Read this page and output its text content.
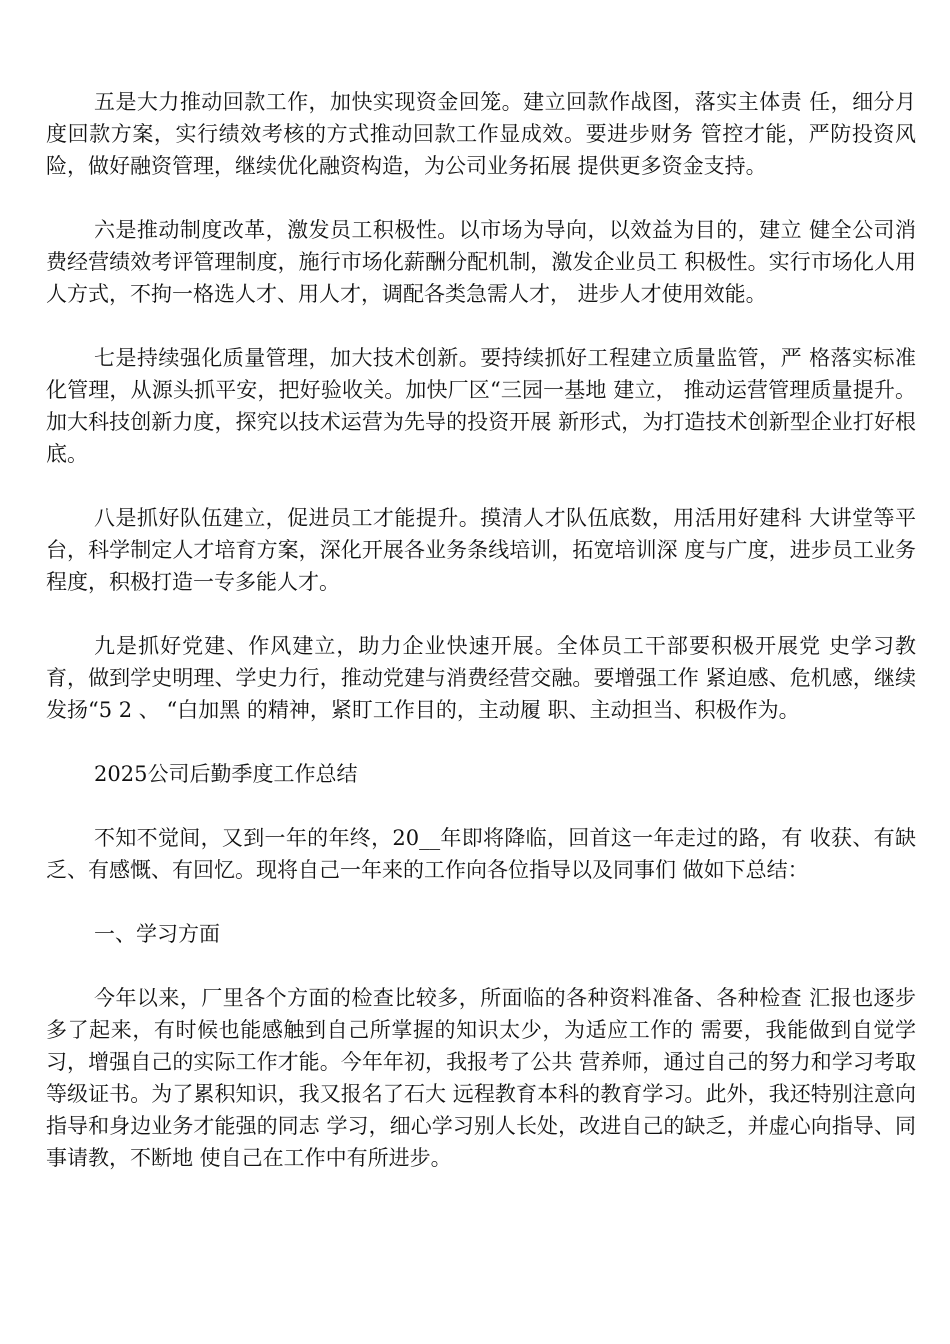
五是大力推动回款工作，加快实现资金回笼。建立回款作战图，落实主体责 任，细分月度回款方案，实行绩效考核的方式推动回款工作显成效。要进步财务 管控才能，严防投资风险，做好融资管理，继续优化融资构造，为公司业务拓展 提供更多资金支持。

六是推动制度改革，激发员工积极性。以市场为导向，以效益为目的，建立 健全公司消费经营绩效考评管理制度，施行市场化薪酬分配机制，激发企业员工 积极性。实行市场化人用人方式，不拘一格选人才、用人才，调配各类急需人才， 进步人才使用效能。

七是持续强化质量管理，加大技术创新。要持续抓好工程建立质量监管，严 格落实标准化管理，从源头抓平安，把好验收关。加快厂区“三园一基地 建立， 推动运营管理质量提升。加大科技创新力度，探究以技术运营为先导的投资开展 新形式，为打造技术创新型企业打好根底。

八是抓好队伍建立，促进员工才能提升。摸清人才队伍底数，用活用好建科 大讲堂等平台，科学制定人才培育方案，深化开展各业务条线培训，拓宽培训深 度与广度，进步员工业务程度，积极打造一专多能人才。

九是抓好党建、作风建立，助力企业快速开展。全体员工干部要积极开展党 史学习教育，做到学史明理、学史力行，推动党建与消费经营交融。要增强工作 紧迫感、危机感，继续发扬“5 2 、 “白加黑 的精神，紧盯工作目的，主动履 职、主动担当、积极作为。

2025公司后勤季度工作总结

不知不觉间，又到一年的年终，20__年即将降临，回首这一年走过的路，有 收获、有缺乏、有感慨、有回忆。现将自己一年来的工作向各位指导以及同事们 做如下总结：

一、学习方面

今年以来，厂里各个方面的检查比较多，所面临的各种资料准备、各种检查 汇报也逐步多了起来，有时候也能感触到自己所掌握的知识太少，为适应工作的 需要，我能做到自觉学习，增强自己的实际工作才能。今年年初，我报考了公共 营养师，通过自己的努力和学习考取等级证书。为了累积知识，我又报名了石大 远程教育本科的教育学习。此外，我还特别注意向指导和身边业务才能强的同志 学习，细心学习别人长处，改进自己的缺乏，并虚心向指导、同事请教，不断地 使自己在工作中有所进步。
